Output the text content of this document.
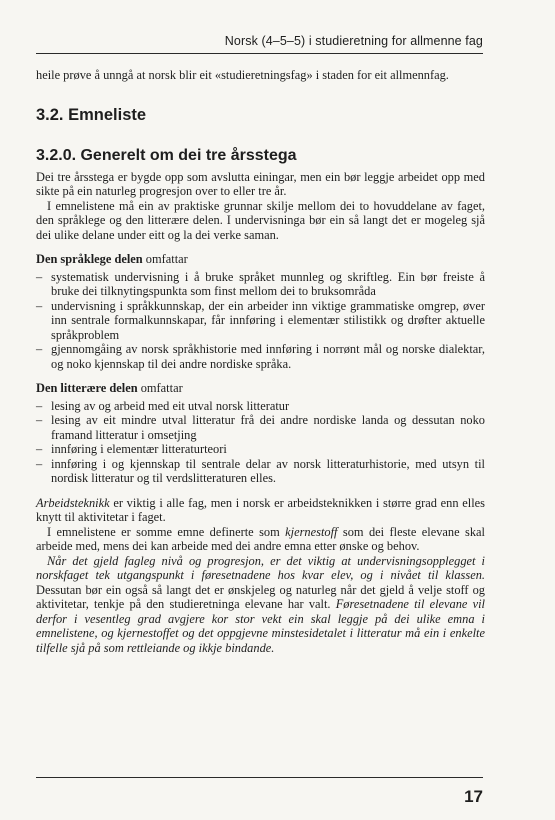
Norsk (4–5–5) i studieretning for allmenne fag

heile prøve å unngå at norsk blir eit «studieretningsfag» i staden for eit allmennfag.

3.2. Emneliste
3.2.0. Generelt om dei tre årsstega

Dei tre årsstega er bygde opp som avslutta einingar, men ein bør leggje arbeidet opp med sikte på ein naturleg progresjon over to eller tre år.

I emnelistene må ein av praktiske grunnar skilje mellom dei to hovuddelane av faget, den språklege og den litterære delen. I undervisninga bør ein så langt det er mogeleg sjå dei ulike delane under eitt og la dei verke saman.

Den språklege delen omfattar

– systematisk undervisning i å bruke språket munnleg og skriftleg. Ein bør freiste å bruke dei tilknytingspunkta som finst mellom dei to bruksområda
– undervisning i språkkunnskap, der ein arbeider inn viktige grammatiske omgrep, øver inn sentrale formalkunnskapar, får innføring i elementær stilistikk og drøfter aktuelle språkproblem
– gjennomgåing av norsk språkhistorie med innføring i norrønt mål og norske dialektar, og noko kjennskap til dei andre nordiske språka.

Den litterære delen omfattar

– lesing av og arbeid med eit utval norsk litteratur
– lesing av eit mindre utval litteratur frå dei andre nordiske landa og dessutan noko framand litteratur i omsetjing
– innføring i elementær litteraturteori
– innføring i og kjennskap til sentrale delar av norsk litteraturhistorie, med utsyn til nordisk litteratur og til verdslitteraturen elles.

Arbeidsteknikk er viktig i alle fag, men i norsk er arbeidsteknikken i større grad enn elles knytt til aktivitetar i faget.

I emnelistene er somme emne definerte som kjernestoff som dei fleste elevane skal arbeide med, mens dei kan arbeide med dei andre emna etter ønske og behov.

Når det gjeld fagleg nivå og progresjon, er det viktig at undervisningsopplegget i norskfaget tek utgangspunkt i føresetnadene hos kvar elev, og i nivået til klassen. Dessutan bør ein også så langt det er ønskjeleg og naturleg når det gjeld å velje stoff og aktivitetar, tenkje på den studieretninga elevane har valt. Føresetnadene til elevane vil derfor i vesentleg grad avgjere kor stor vekt ein skal leggje på dei ulike emna i emnelistene, og kjernestoffet og det oppgjevne minstesidetalet i litteratur må ein i enkelte tilfelle sjå på som rettleiande og ikkje bindande.

17
